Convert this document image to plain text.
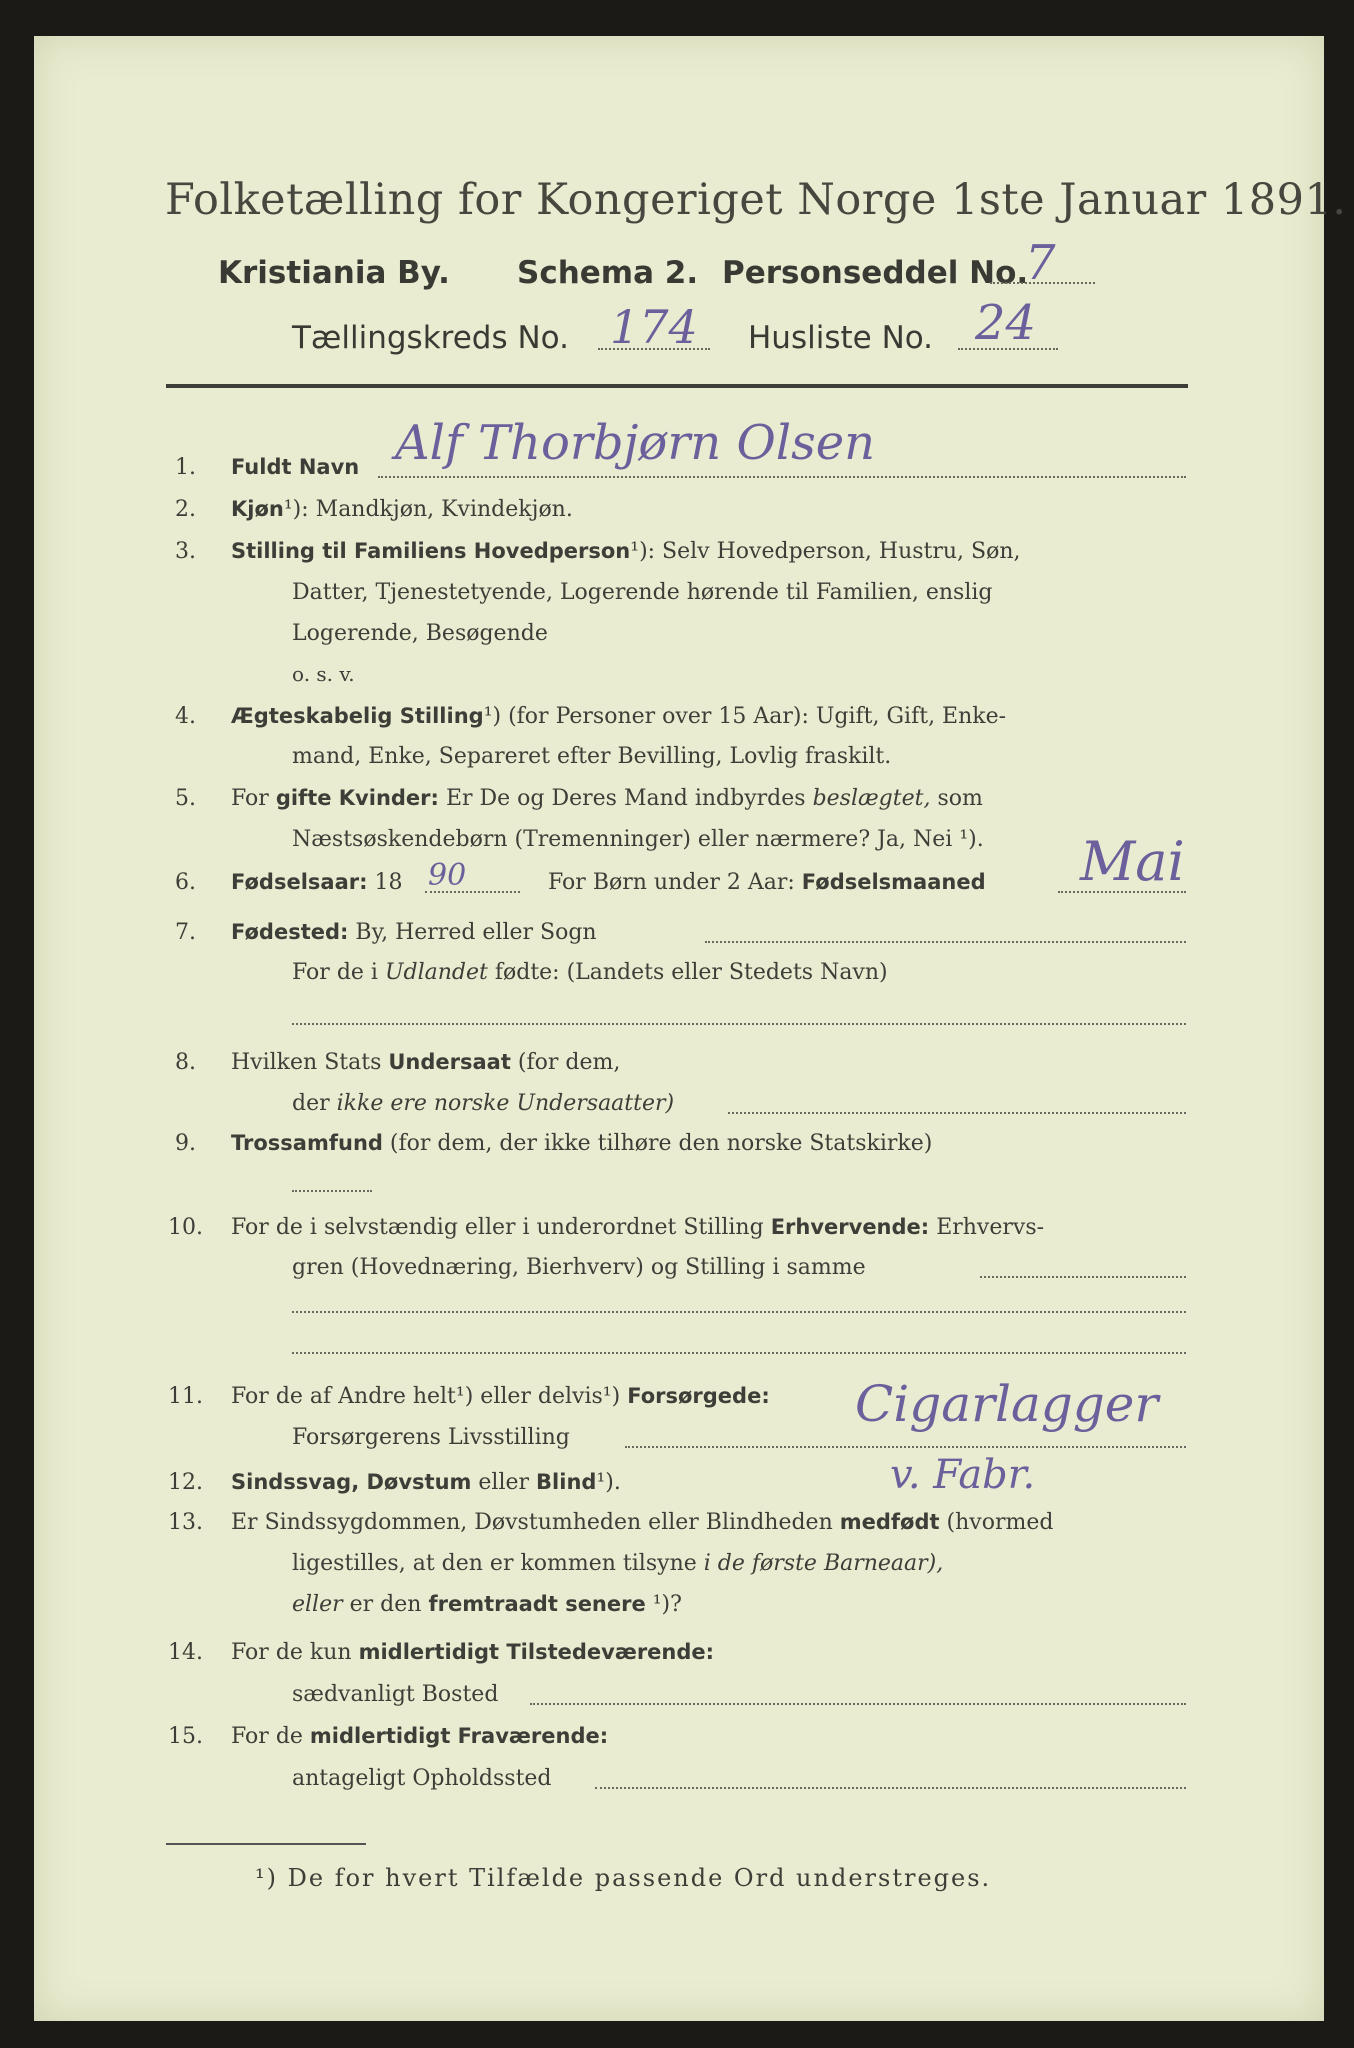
Folketælling for Kongeriget Norge 1ste Januar 1891.
Kristiania By. Schema 2. Personseddel No.
7
Tællingskreds No. 174 Husliste No. 24
1. Fuldt Navn Alf Thorbjørn Olsen
2. Kjøn¹): Mandkjøn, Kvindekjøn.
3. Stilling til Familiens Hovedperson¹): Selv Hovedperson, Hustru, Søn,
Datter, Tjenestetyende, Logerende hørende til Familien, enslig
Logerende, Besøgende
o. s. v.
4. Ægteskabelig Stilling¹) (for Personer over 15 Aar): Ugift, Gift, Enke-
mand, Enke, Separeret efter Bevilling, Lovlig fraskilt.
5. For gifte Kvinder: Er De og Deres Mand indbyrdes beslægtet, som
Næstsøskendebørn (Tremenninger) eller nærmere? Ja, Nei ¹).
6. Fødselsaar: 18 90	For Børn under 2 Aar: Fødselsmaaned Mai
7. Fødested: By, Herred eller Sogn
For de i Udlandet fødte: (Landets eller Stedets Navn)
8. Hvilken Stats Undersaat (for dem,
der ikke ere norske Undersaatter)
9. Trossamfund (for dem, der ikke tilhøre den norske Statskirke)
10. For de i selvstændig eller i underordnet Stilling Erhvervende: Erhvervs-
gren (Hovednæring, Bierhverv) og Stilling i samme
11. For de af Andre helt¹) eller delvis¹) Forsørgede:
Forsørgerens Livsstilling
Cigarlagger
12. Sindssvag, Døvstum eller Blind¹).	v. Fabr.
13. Er Sindssygdommen, Døvstumheden eller Blindheden medfødt (hvormed
ligestilles, at den er kommen tilsyne i de første Barneaar),
eller er den fremtraadt senere ¹)?
14. For de kun midlertidigt Tilstedeværende:
sædvanligt Bosted
15. For de midlertidigt Fraværende:
antageligt Opholdssted
¹) De for hvert Tilfælde passende Ord understreges.
